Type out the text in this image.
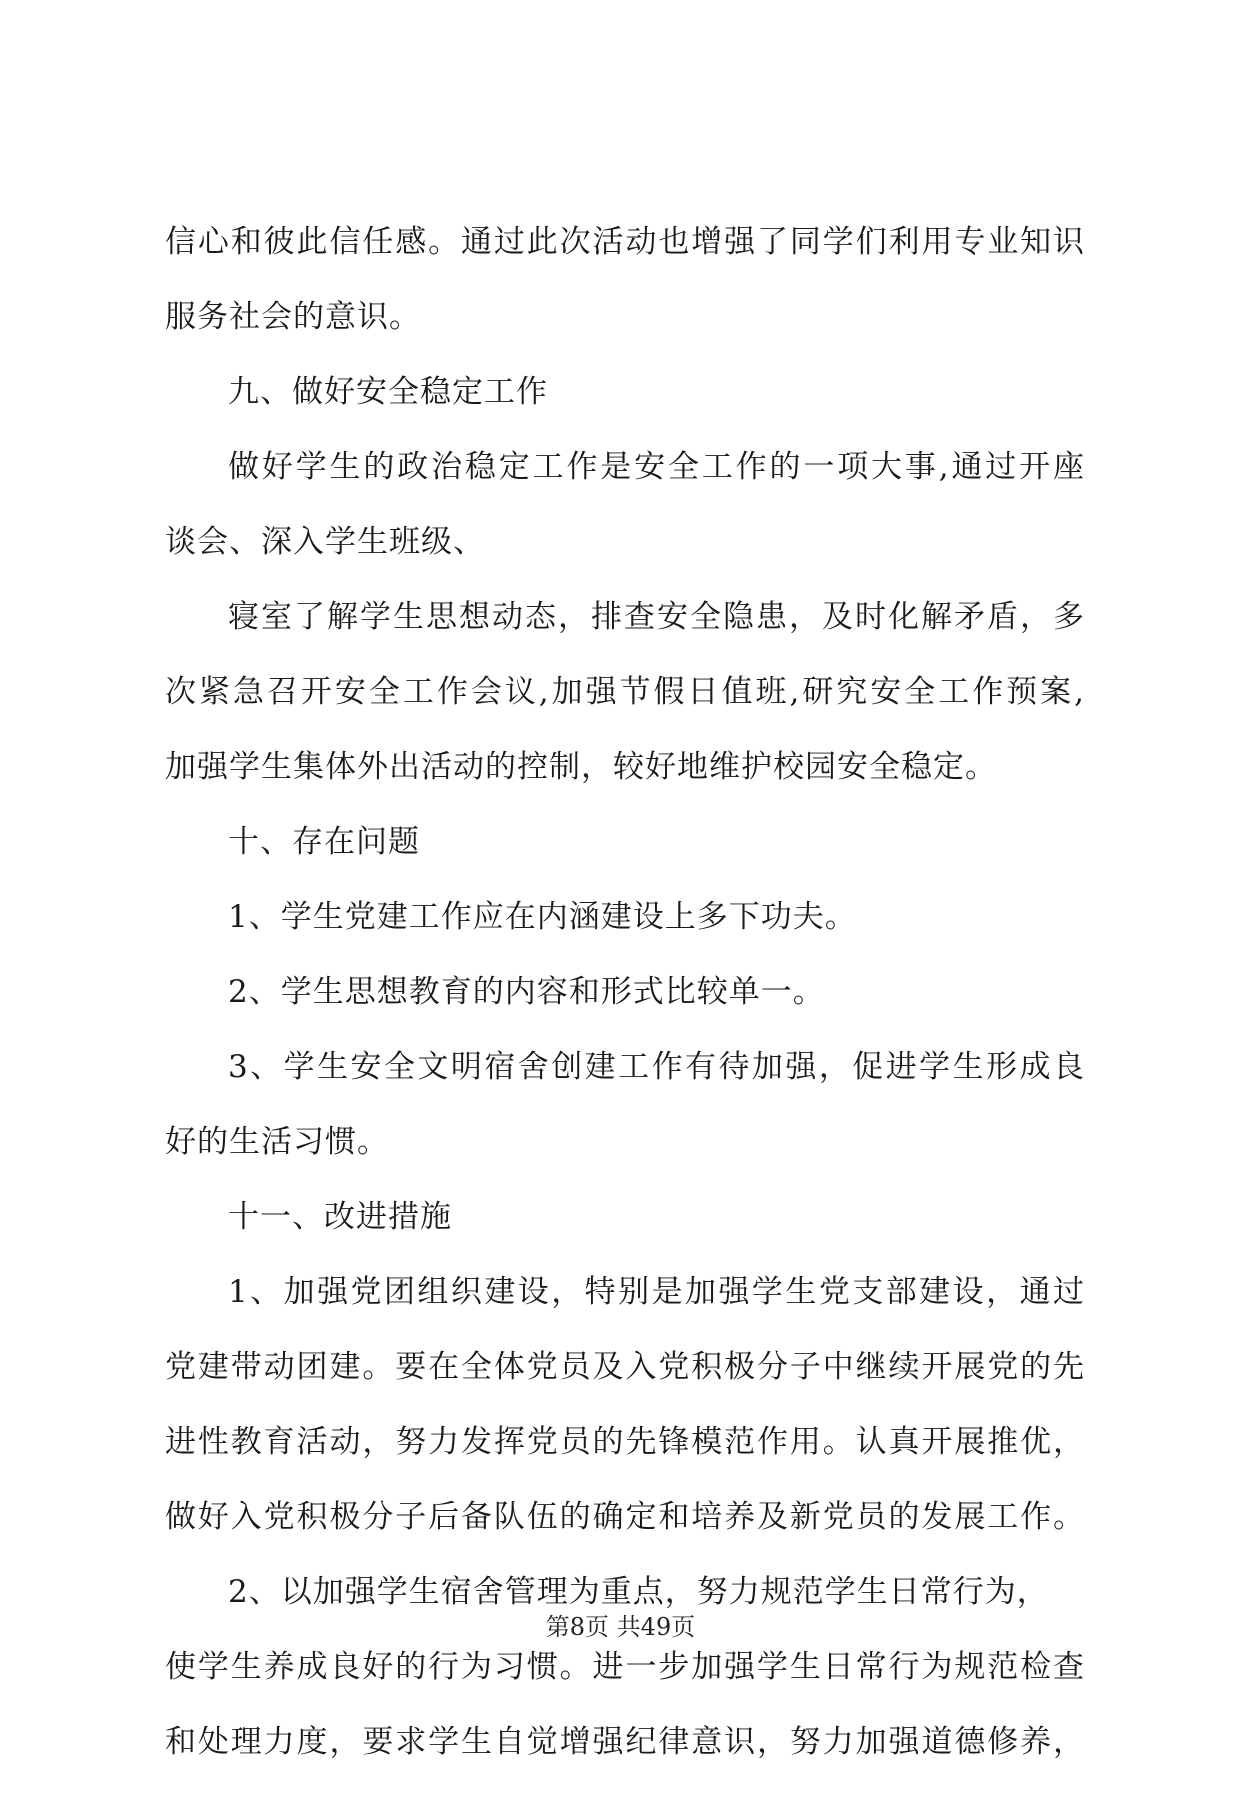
信心和彼此信任感。通过此次活动也增强了同学们利用专业知识
服务社会的意识。
九、做好安全稳定工作
做好学生的政治稳定工作是安全工作的一项大事,通过开座
谈会、深入学生班级、
寝室了解学生思想动态，排查安全隐患，及时化解矛盾，多
次紧急召开安全工作会议,加强节假日值班,研究安全工作预案,
加强学生集体外出活动的控制，较好地维护校园安全稳定。
十、存在问题
1、学生党建工作应在内涵建设上多下功夫。
2、学生思想教育的内容和形式比较单一。
3、学生安全文明宿舍创建工作有待加强，促进学生形成良
好的生活习惯。
十一、改进措施
1、加强党团组织建设，特别是加强学生党支部建设，通过
党建带动团建。要在全体党员及入党积极分子中继续开展党的先
进性教育活动，努力发挥党员的先锋模范作用。认真开展推优，
做好入党积极分子后备队伍的确定和培养及新党员的发展工作。
2、以加强学生宿舍管理为重点，努力规范学生日常行为，
使学生养成良好的行为习惯。进一步加强学生日常行为规范检查
和处理力度，要求学生自觉增强纪律意识，努力加强道德修养，
第8页 共49页
